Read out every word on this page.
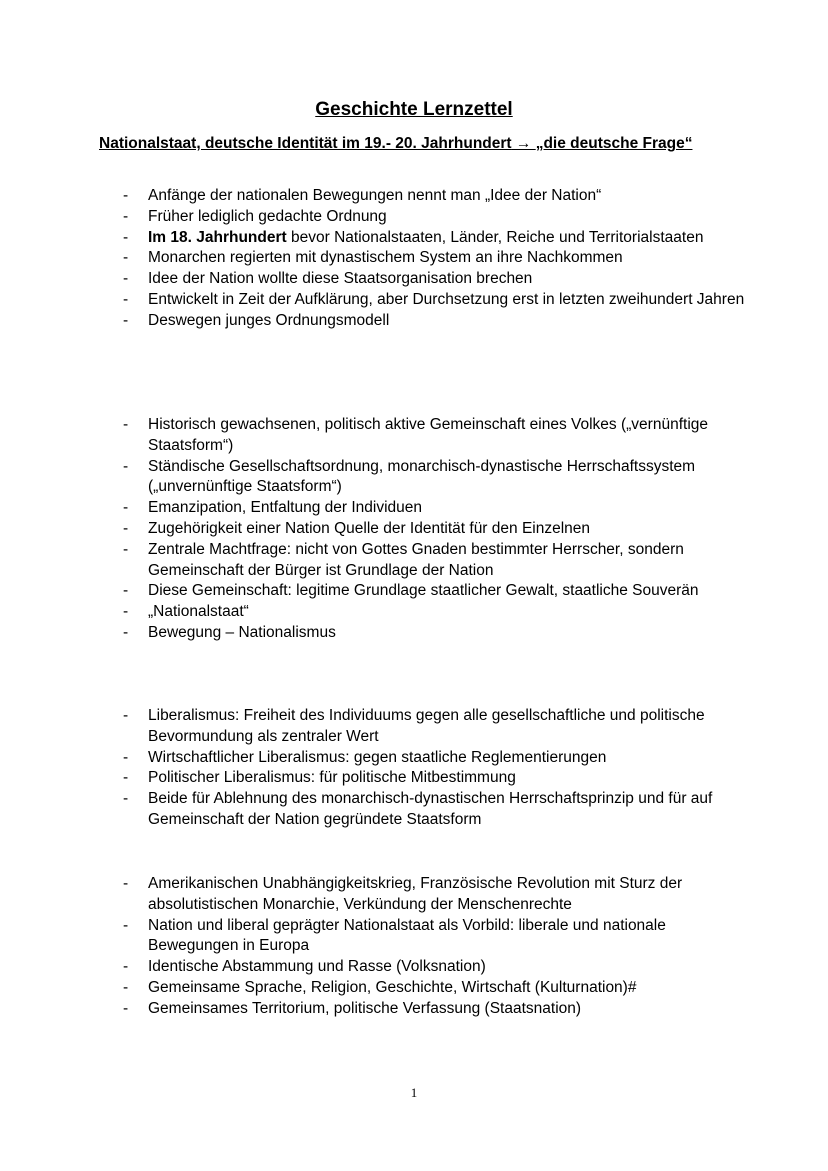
Geschichte Lernzettel
Nationalstaat, deutsche Identität im 19.- 20. Jahrhundert → „die deutsche Frage“
- Anfänge der nationalen Bewegungen nennt man „Idee der Nation“
- Früher lediglich gedachte Ordnung
- Im 18. Jahrhundert bevor Nationalstaaten, Länder, Reiche und Territorialstaaten
- Monarchen regierten mit dynastischem System an ihre Nachkommen
- Idee der Nation wollte diese Staatsorganisation brechen
- Entwickelt in Zeit der Aufklärung, aber Durchsetzung erst in letzten zweihundert Jahren
- Deswegen junges Ordnungsmodell
- Historisch gewachsenen, politisch aktive Gemeinschaft eines Volkes („vernünftige Staatsform“)
- Ständische Gesellschaftsordnung, monarchisch-dynastische Herrschaftssystem („unvernünftige Staatsform“)
- Emanzipation, Entfaltung der Individuen
- Zugehörigkeit einer Nation Quelle der Identität für den Einzelnen
- Zentrale Machtfrage: nicht von Gottes Gnaden bestimmter Herrscher, sondern Gemeinschaft der Bürger ist Grundlage der Nation
- Diese Gemeinschaft: legitime Grundlage staatlicher Gewalt, staatliche Souverän
- „Nationalstaat“
- Bewegung – Nationalismus
- Liberalismus: Freiheit des Individuums gegen alle gesellschaftliche und politische Bevormundung als zentraler Wert
- Wirtschaftlicher Liberalismus: gegen staatliche Reglementierungen
- Politischer Liberalismus: für politische Mitbestimmung
- Beide für Ablehnung des monarchisch-dynastischen Herrschaftsprinzip und für auf Gemeinschaft der Nation gegründete Staatsform
- Amerikanischen Unabhängigkeitskrieg, Französische Revolution mit Sturz der absolutistischen Monarchie, Verkündung der Menschenrechte
- Nation und liberal geprägter Nationalstaat als Vorbild: liberale und nationale Bewegungen in Europa
- Identische Abstammung und Rasse (Volksnation)
- Gemeinsame Sprache, Religion, Geschichte, Wirtschaft (Kulturnation)#
- Gemeinsames Territorium, politische Verfassung (Staatsnation)
1
